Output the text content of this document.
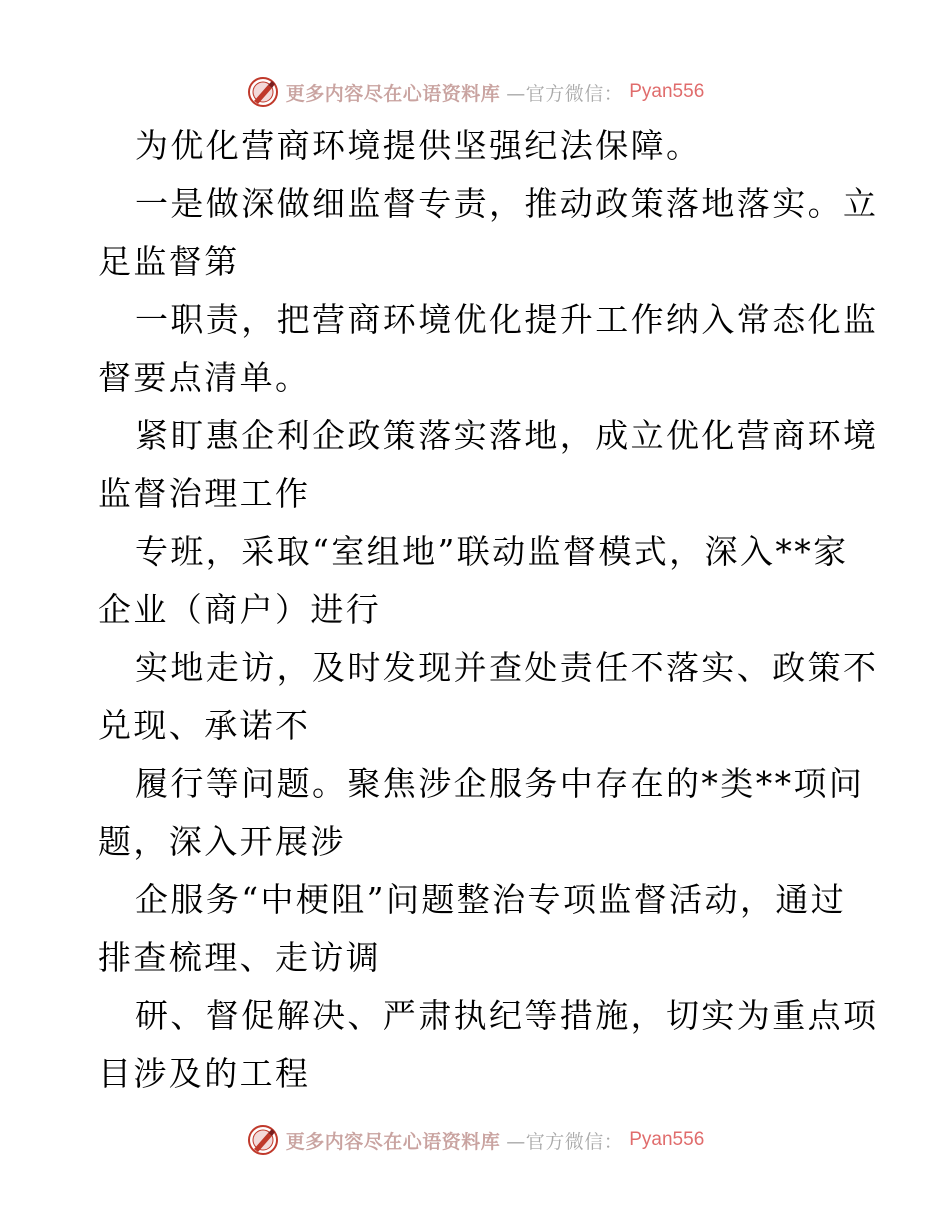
更多内容尽在心语资料库 —官方微信： Pyan556
为优化营商环境提供坚强纪法保障。
一是做深做细监督专责，推动政策落地落实。立
足监督第
一职责，把营商环境优化提升工作纳入常态化监
督要点清单。
紧盯惠企利企政策落实落地，成立优化营商环境
监督治理工作
专班，采取“室组地”联动监督模式，深入**家
企业（商户）进行
实地走访，及时发现并查处责任不落实、政策不
兑现、承诺不
履行等问题。聚焦涉企服务中存在的*类**项问
题，深入开展涉
企服务“中梗阻”问题整治专项监督活动，通过
排查梳理、走访调
研、督促解决、严肃执纪等措施，切实为重点项
目涉及的工程
更多内容尽在心语资料库 —官方微信： Pyan556
